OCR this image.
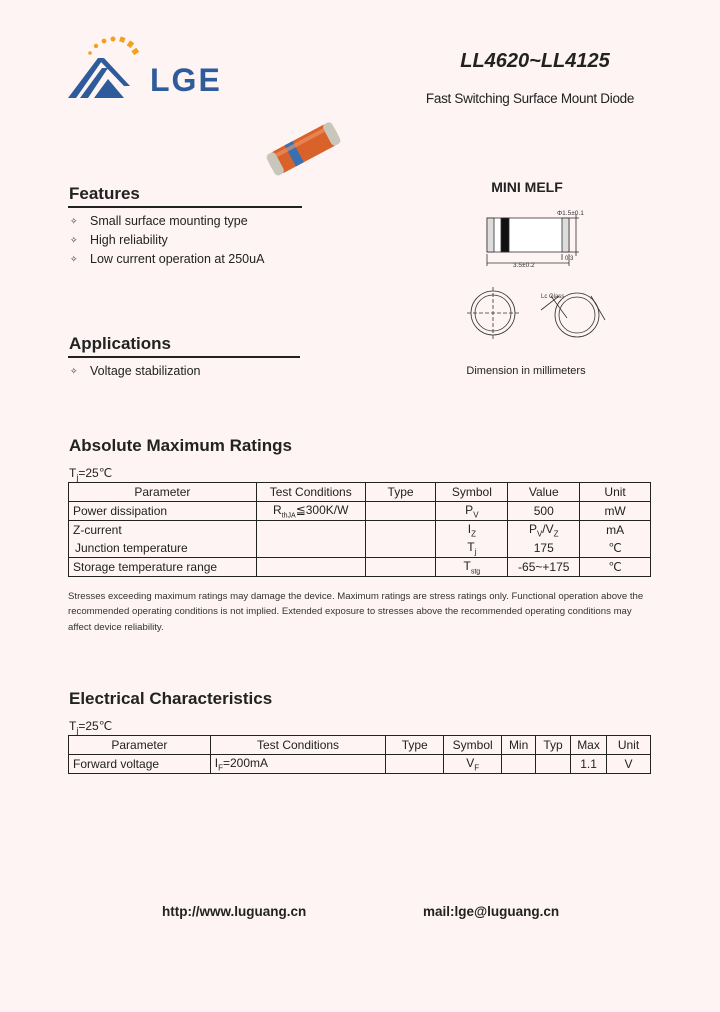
LGE
LL4620~LL4125
Fast Switching Surface Mount Diode
Features
✧ Small surface mounting type
✧ High reliability
✧ Low current operation at 250uA
Applications
✧ Voltage stabilization
MINI MELF
Φ1.5±0.1
3.5±0.2
0.3
Lc Glass
Dimension in millimeters
Absolute Maximum Ratings
$T_j=25℃$
Parameter	Test Conditions	Type	Symbol	Value	Unit
Power dissipation	$R_{thJA}≦300K/W$		$P_V$	500	mW
Z-current			$I_Z$	$P_V/V_Z$	mA
Junction temperature			$T_j$	175	℃
Storage temperature range			$T_{stg}$	-65~+175	℃
Stresses exceeding maximum ratings may damage the device. Maximum ratings are stress ratings only. Functional operation above the recommended operating conditions is not implied. Extended exposure to stresses above the recommended operating conditions may affect device reliability.
Electrical Characteristics
$T_j=25℃$
Parameter	Test Conditions	Type	Symbol	Min	Typ	Max	Unit
Forward voltage	$I_F=200mA$		$V_F$			1.1	V
http://www.luguang.cn	mail:lge@luguang.cn
